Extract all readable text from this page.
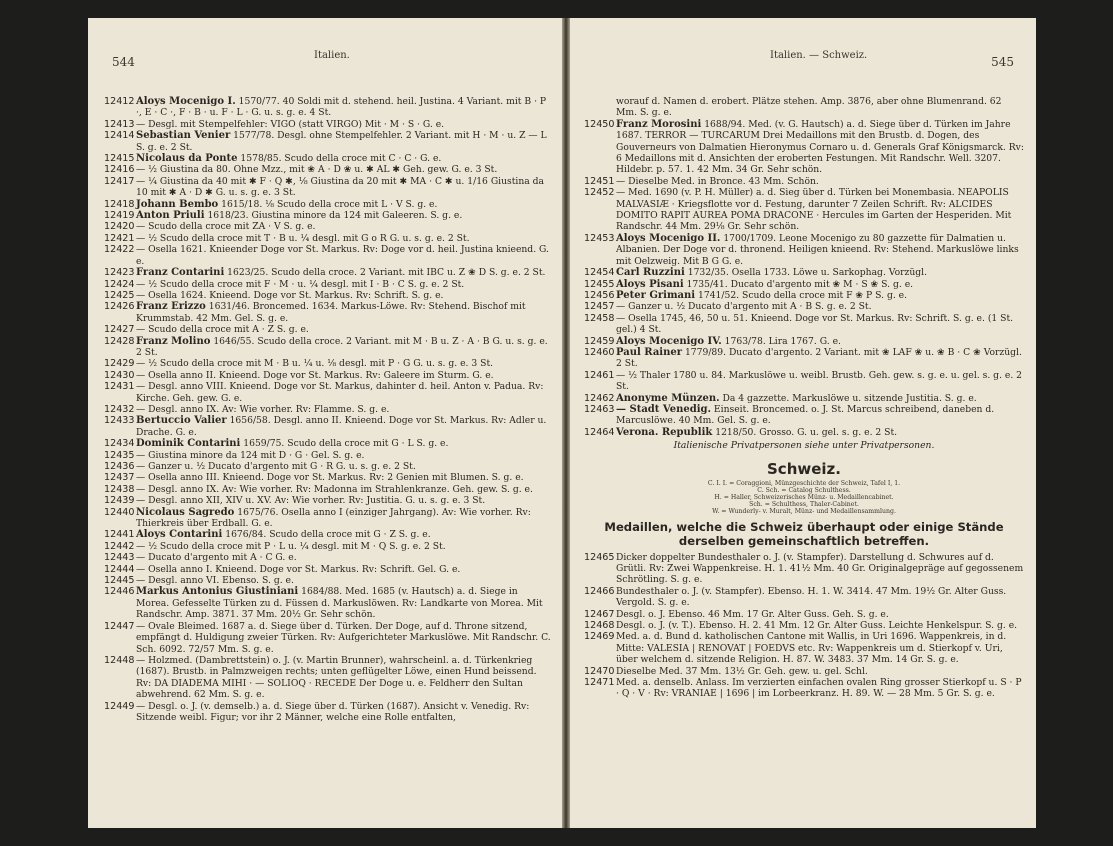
544	Italien.
12412 Aloys Mocenigo I. 1570/77. 40 Soldi mit d. stehend. heil. Justina. 4 Variant. mit B · P ·, E · C ·, F · B · u. F · L · G. u. s. g. e. 4 St.
12413 — Desgl. mit Stempelfehler: VIGO (statt VIRGO) Mit · M · S · G. e.
12414 Sebastian Venier 1577/78. Desgl. ohne Stempelfehler. 2 Variant. mit H · M · u. Z — L S. g. e. 2 St.
12415 Nicolaus da Ponte 1578/85. Scudo della croce mit C · C · G. e.
12416 — ½ Giustina da 80. Ohne Mzz., mit ❀ A · D ❀ u. ✱ AL ✱ Geh. gew. G. e. 3 St.
12417 — ¼ Giustina da 40 mit ✱ F · Q ✱, ⅛ Giustina da 20 mit ✱ MA · C ✱ u. 1/16 Giustina da 10 mit ✱ A · D ✱ G. u. s. g. e. 3 St.
12418 Johann Bembo 1615/18. ⅛ Scudo della croce mit L · V S. g. e.
12419 Anton Priuli 1618/23. Giustina minore da 124 mit Galeeren. S. g. e.
12420 — Scudo della croce mit ZA · V S. g. e.
12421 — ½ Scudo della croce mit T · B u. ¼ desgl. mit G o R G. u. s. g. e. 2 St.
12422 — Osella 1621. Knieender Doge vor St. Markus. Rv: Doge vor d. heil. Justina knieend. G. e.
12423 Franz Contarini 1623/25. Scudo della croce. 2 Variant. mit IBC u. Z ❀ D S. g. e. 2 St.
12424 — ½ Scudo della croce mit F · M · u. ¼ desgl. mit I · B · C S. g. e. 2 St.
12425 — Osella 1624. Knieend. Doge vor St. Markus. Rv: Schrift. S. g. e.
12426 Franz Erizzo 1631/46. Broncemed. 1634. Markus-Löwe. Rv: Stehend. Bischof mit Krummstab. 42 Mm. Gel. S. g. e.
12427 — Scudo della croce mit A · Z S. g. e.
12428 Franz Molino 1646/55. Scudo della croce. 2 Variant. mit M · B u. Z · A · B G. u. s. g. e. 2 St.
12429 — ½ Scudo della croce mit M · B u. ¼ u. ⅛ desgl. mit P · G G. u. s. g. e. 3 St.
12430 — Osella anno II. Knieend. Doge vor St. Markus. Rv: Galeere im Sturm. G. e.
12431 — Desgl. anno VIII. Knieend. Doge vor St. Markus, dahinter d. heil. Anton v. Padua. Rv: Kirche. Geh. gew. G. e.
12432 — Desgl. anno IX. Av: Wie vorher. Rv: Flamme. S. g. e.
12433 Bertuccio Valier 1656/58. Desgl. anno II. Knieend. Doge vor St. Markus. Rv: Adler u. Drache. G. e.
12434 Dominik Contarini 1659/75. Scudo della croce mit G · L S. g. e.
12435 — Giustina minore da 124 mit D · G · Gel. S. g. e.
12436 — Ganzer u. ½ Ducato d'argento mit G · R G. u. s. g. e. 2 St.
12437 — Osella anno III. Knieend. Doge vor St. Markus. Rv: 2 Genien mit Blumen. S. g. e.
12438 — Desgl. anno IX. Av: Wie vorher. Rv: Madonna im Strahlenkranze. Geh. gew. S. g. e.
12439 — Desgl. anno XII, XIV u. XV. Av: Wie vorher. Rv: Justitia. G. u. s. g. e. 3 St.
12440 Nicolaus Sagredo 1675/76. Osella anno I (einziger Jahrgang). Av: Wie vorher. Rv: Thierkreis über Erdball. G. e.
12441 Aloys Contarini 1676/84. Scudo della croce mit G · Z S. g. e.
12442 — ½ Scudo della croce mit P · L u. ¼ desgl. mit M · Q S. g. e. 2 St.
12443 — Ducato d'argento mit A · C G. e.
12444 — Osella anno I. Knieend. Doge vor St. Markus. Rv: Schrift. Gel. G. e.
12445 — Desgl. anno VI. Ebenso. S. g. e.
12446 Markus Antonius Giustiniani 1684/88. Med. 1685 (v. Hautsch) a. d. Siege in Morea. Gefesselte Türken zu d. Füssen d. Markuslöwen. Rv: Landkarte von Morea. Mit Randschr. Amp. 3871. 37 Mm. 20½ Gr. Sehr schön.
12447 — Ovale Bleimed. 1687 a. d. Siege über d. Türken. Der Doge, auf d. Throne sitzend, empfängt d. Huldigung zweier Türken. Rv: Aufgerichteter Markuslöwe. Mit Randschr. C. Sch. 6092. 72/57 Mm. S. g. e.
12448 — Holzmed. (Dambrettstein) o. J. (v. Martin Brunner), wahrscheinl. a. d. Türkenkrieg (1687). Brustb. in Palmzweigen rechts; unten geflügelter Löwe, einen Hund beissend. Rv: DA DIADEMA MIHI · — SOLIOQ · RECEDE Der Doge u. e. Feldherr den Sultan abwehrend. 62 Mm. S. g. e.
12449 — Desgl. o. J. (v. demselb.) a. d. Siege über d. Türken (1687). Ansicht v. Venedig. Rv: Sitzende weibl. Figur; vor ihr 2 Männer, welche eine Rolle entfalten,
545
Italien. — Schweiz.
worauf d. Namen d. erobert. Plätze stehen. Amp. 3876, aber ohne Blumenrand. 62 Mm. S. g. e.
12450 Franz Morosini 1688/94. Med. (v. G. Hautsch) a. d. Siege über d. Türken im Jahre 1687. TERROR — TURCARUM Drei Medaillons mit den Brustb. d. Dogen, des Gouverneurs von Dalmatien Hieronymus Cornaro u. d. Generals Graf Königsmarck. Rv: 6 Medaillons mit d. Ansichten der eroberten Festungen. Mit Randschr. Well. 3207. Hildebr. p. 57. 1. 42 Mm. 34 Gr. Sehr schön.
12451 — Dieselbe Med. in Bronce. 43 Mm. Schön.
12452 — Med. 1690 (v. P. H. Müller) a. d. Sieg über d. Türken bei Monembasia. NEAPOLIS MALVASIÆ · Kriegsflotte vor d. Festung, darunter 7 Zeilen Schrift. Rv: ALCIDES DOMITO RAPIT AUREA POMA DRACONE · Hercules im Garten der Hesperiden. Mit Randschr. 44 Mm. 29⅛ Gr. Sehr schön.
12453 Aloys Mocenigo II. 1700/1709. Leone Mocenigo zu 80 gazzette für Dalmatien u. Albanien. Der Doge vor d. thronend. Heiligen knieend. Rv: Stehend. Markuslöwe links mit Oelzweig. Mit B G G. e.
12454 Carl Ruzzini 1732/35. Osella 1733. Löwe u. Sarkophag. Vorzügl.
12455 Aloys Pisani 1735/41. Ducato d'argento mit ❀ M · S ❀ S. g. e.
12456 Peter Grimani 1741/52. Scudo della croce mit F ❀ P S. g. e.
12457 — Ganzer u. ½ Ducato d'argento mit A · B S. g. e. 2 St.
12458 — Osella 1745, 46, 50 u. 51. Knieend. Doge vor St. Markus. Rv: Schrift. S. g. e. (1 St. gel.) 4 St.
12459 Aloys Mocenigo IV. 1763/78. Lira 1767. G. e.
12460 Paul Rainer 1779/89. Ducato d'argento. 2 Variant. mit ❀ LAF ❀ u. ❀ B · C ❀ Vorzügl. 2 St.
12461 — ½ Thaler 1780 u. 84. Markuslöwe u. weibl. Brustb. Geh. gew. s. g. e. u. gel. s. g. e. 2 St.
12462 Anonyme Münzen. Da 4 gazzette. Markuslöwe u. sitzende Justitia. S. g. e.
12463 — Stadt Venedig. Einseit. Broncemed. o. J. St. Marcus schreibend, daneben d. Marcuslöwe. 40 Mm. Gel. S. g. e.
12464 Verona. Republik 1218/50. Grosso. G. u. gel. s. g. e. 2 St.
Italienische Privatpersonen siehe unter Privatpersonen.
Schweiz.
C. I. I. = Coraggioni, Münzgeschichte der Schweiz, Tafel I, 1.
C. Sch. = Catalog Schulthess.
H. = Haller, Schweizerisches Münz- u. Medaillencabinet.
Sch. = Schulthess, Thaler-Cabinet.
W. = Wunderly- v. Muralt, Münz- und Medaillensammlung.
Medaillen, welche die Schweiz überhaupt oder einige Stände
derselben gemeinschaftlich betreffen.
12465 Dicker doppelter Bundesthaler o. J. (v. Stampfer). Darstellung d. Schwures auf d. Grütli. Rv: Zwei Wappenkreise. H. 1. 41½ Mm. 40 Gr. Originalgepräge auf gegossenem Schrötling. S. g. e.
12466 Bundesthaler o. J. (v. Stampfer). Ebenso. H. 1. W. 3414. 47 Mm. 19½ Gr. Alter Guss. Vergold. S. g. e.
12467 Desgl. o. J. Ebenso. 46 Mm. 17 Gr. Alter Guss. Geh. S. g. e.
12468 Desgl. o. J. (v. T.). Ebenso. H. 2. 41 Mm. 12 Gr. Alter Guss. Leichte Henkelspur. S. g. e.
12469 Med. a. d. Bund d. katholischen Cantone mit Wallis, in Uri 1696. Wappenkreis, in d. Mitte: VALESIA | RENOVAT | FOEDVS etc. Rv: Wappenkreis um d. Stierkopf v. Uri, über welchem d. sitzende Religion. H. 87. W. 3483. 37 Mm. 14 Gr. S. g. e.
12470 Dieselbe Med. 37 Mm. 13½ Gr. Geh. gew. u. gel. Schl.
12471 Med. a. denselb. Anlass. Im verzierten einfachen ovalen Ring grosser Stierkopf u. S · P · Q · V · Rv: VRANIAE | 1696 | im Lorbeerkranz. H. 89. W. — 28 Mm. 5 Gr. S. g. e.
